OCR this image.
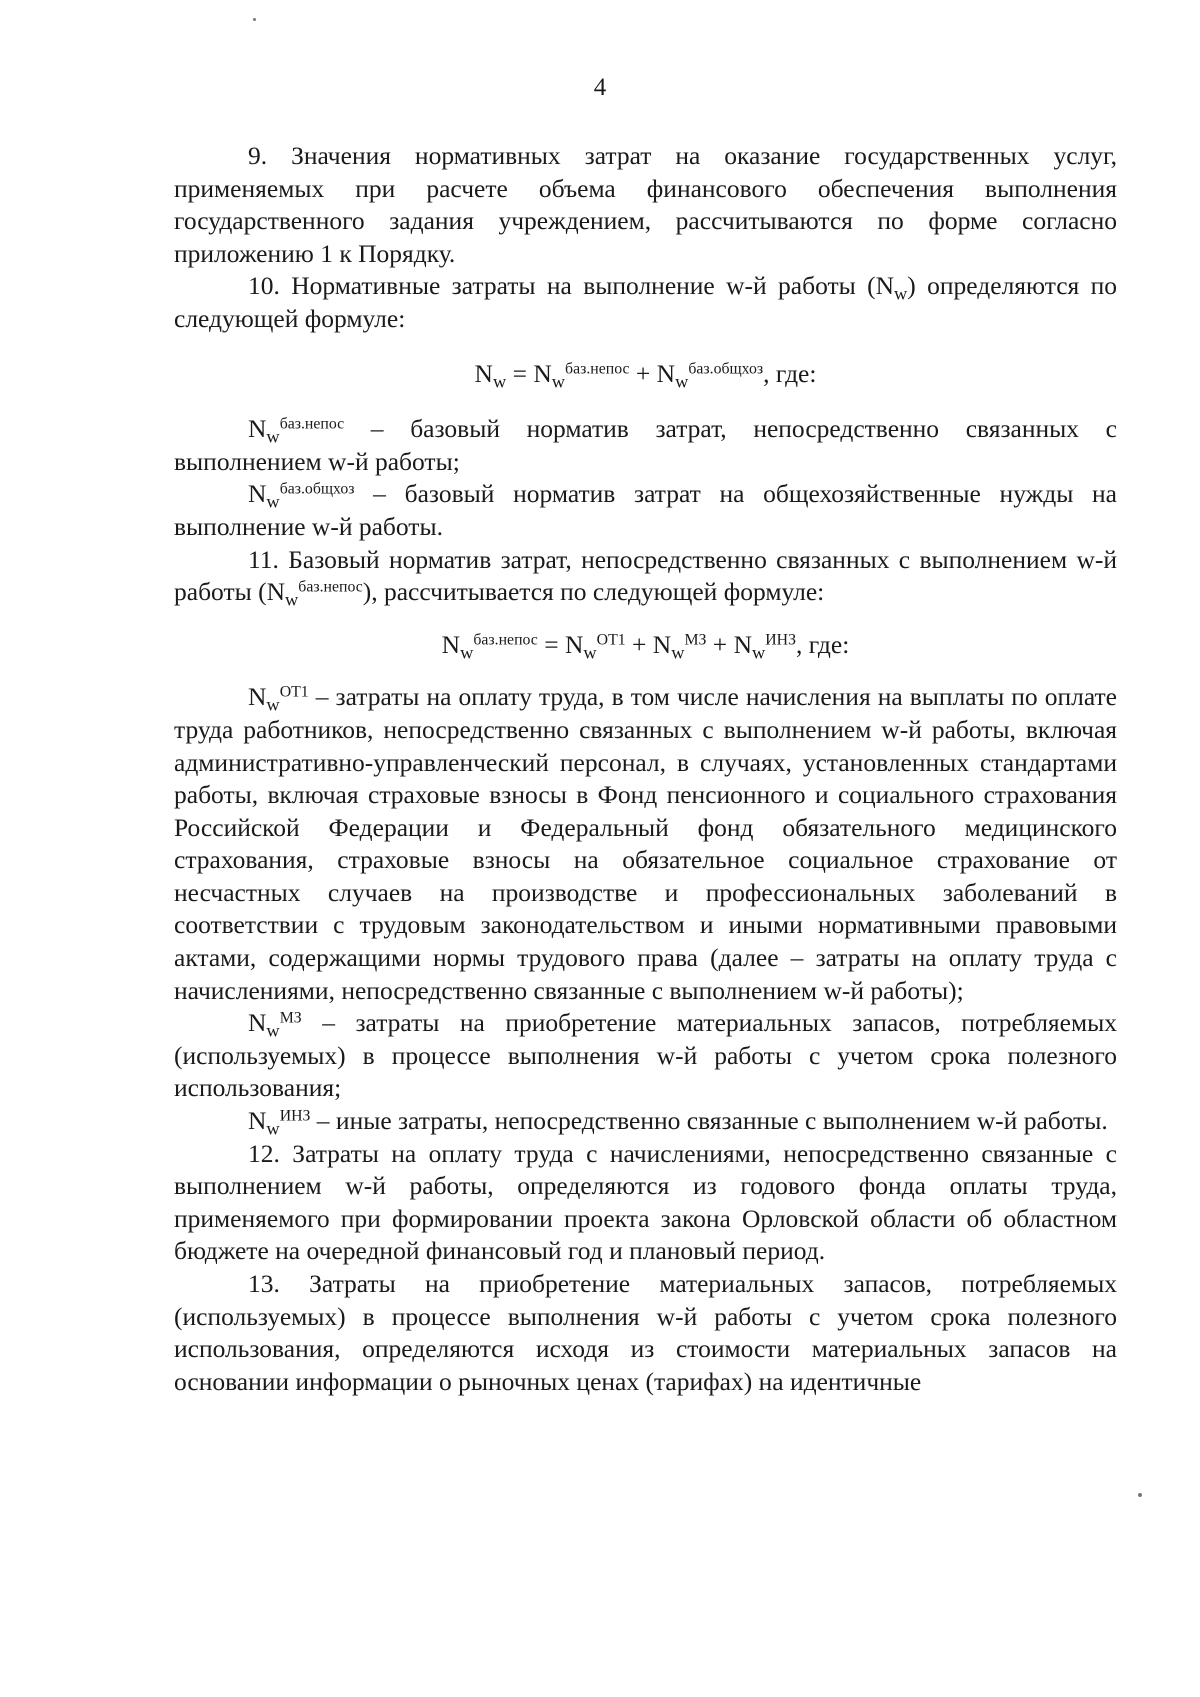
4

9. Значения нормативных затрат на оказание государственных услуг, применяемых при расчете объема финансового обеспечения выполнения государственного задания учреждением, рассчитываются по форме согласно приложению 1 к Порядку.

10. Нормативные затраты на выполнение w-й работы $(N_w)$ определяются по следующей формуле:

$N_w = N_w^{баз.непос} + N_w^{баз.общхоз}$, где:

$N_w^{баз.непос}$ – базовый норматив затрат, непосредственно связанных с выполнением w-й работы;

$N_w^{баз.общхоз}$ – базовый норматив затрат на общехозяйственные нужды на выполнение w-й работы.

11. Базовый норматив затрат, непосредственно связанных с выполнением w-й работы $(N_w^{баз.непос})$, рассчитывается по следующей формуле:

$N_w^{баз.непос} = N_w^{ОТ1} + N_w^{МЗ} + N_w^{ИНЗ}$, где:

$N_w^{ОТ1}$ – затраты на оплату труда, в том числе начисления на выплаты по оплате труда работников, непосредственно связанных с выполнением w-й работы, включая административно-управленческий персонал, в случаях, установленных стандартами работы, включая страховые взносы в Фонд пенсионного и социального страхования Российской Федерации и Федеральный фонд обязательного медицинского страхования, страховые взносы на обязательное социальное страхование от несчастных случаев на производстве и профессиональных заболеваний в соответствии с трудовым законодательством и иными нормативными правовыми актами, содержащими нормы трудового права (далее – затраты на оплату труда с начислениями, непосредственно связанные с выполнением w-й работы);

$N_w^{МЗ}$ – затраты на приобретение материальных запасов, потребляемых (используемых) в процессе выполнения w-й работы с учетом срока полезного использования;

$N_w^{ИНЗ}$ – иные затраты, непосредственно связанные с выполнением w-й работы.

12. Затраты на оплату труда с начислениями, непосредственно связанные с выполнением w-й работы, определяются из годового фонда оплаты труда, применяемого при формировании проекта закона Орловской области об областном бюджете на очередной финансовый год и плановый период.

13. Затраты на приобретение материальных запасов, потребляемых (используемых) в процессе выполнения w-й работы с учетом срока полезного использования, определяются исходя из стоимости материальных запасов на основании информации о рыночных ценах (тарифах) на идентичные
